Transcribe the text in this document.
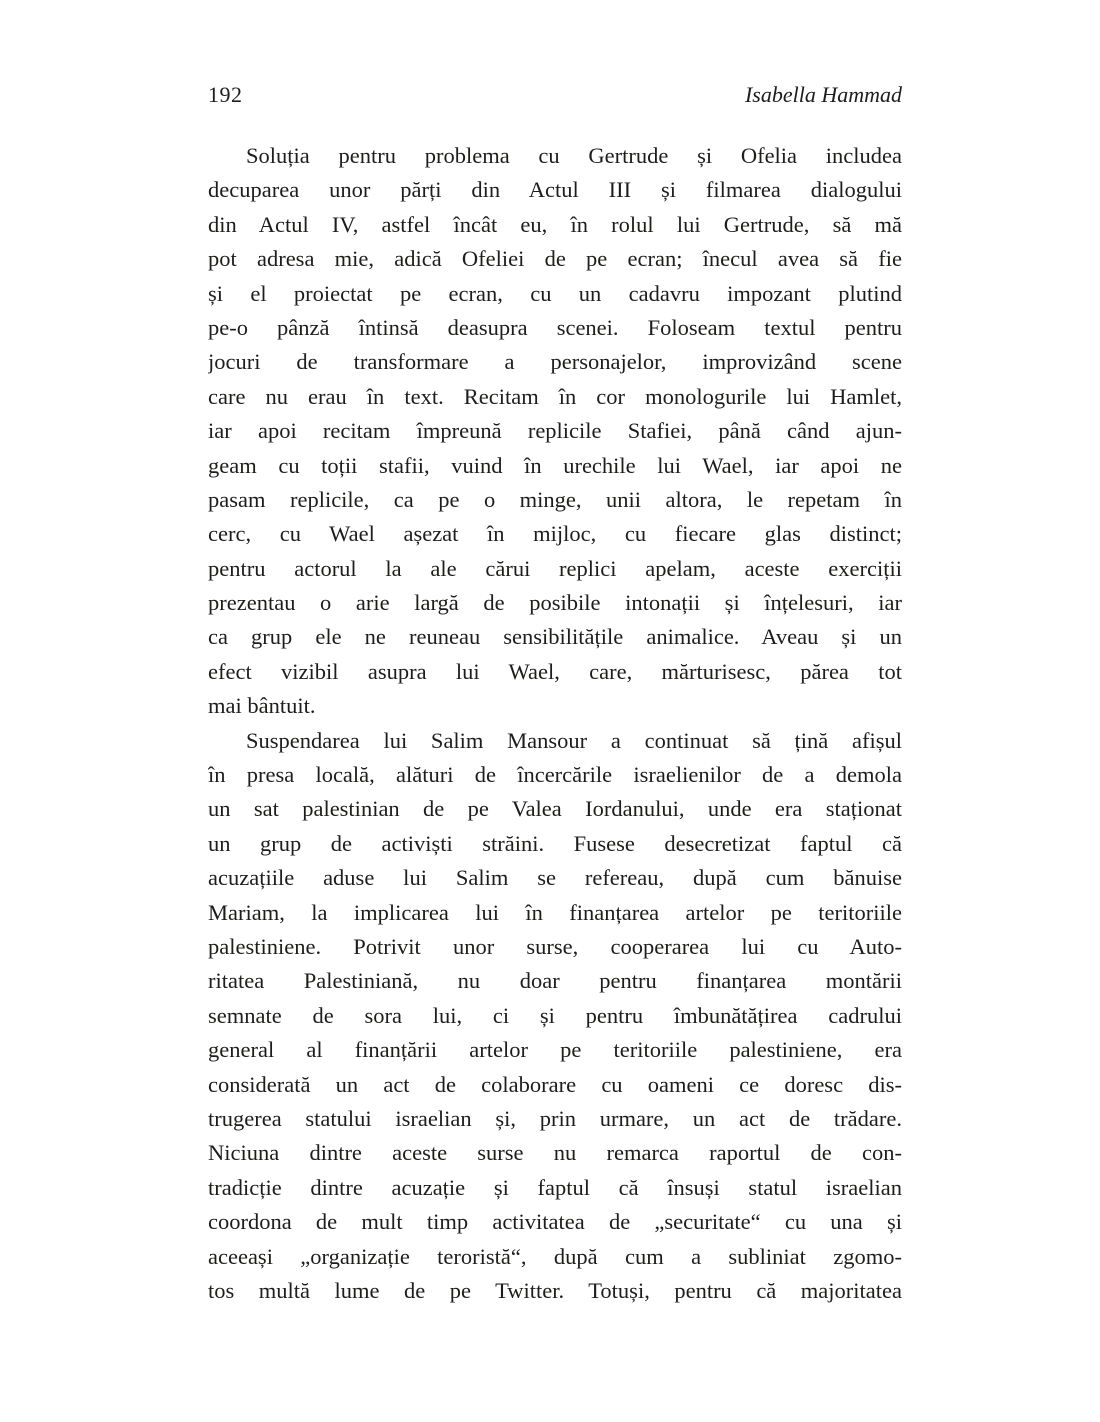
192	Isabella Hammad
Soluția pentru problema cu Gertrude și Ofelia includea
decuparea unor părți din Actul III și filmarea dialogului
din Actul IV, astfel încât eu, în rolul lui Gertrude, să mă
pot adresa mie, adică Ofeliei de pe ecran; înecul avea să fie
și el proiectat pe ecran, cu un cadavru impozant plutind
pe-o pânză întinsă deasupra scenei. Foloseam textul pentru
jocuri de transformare a personajelor, improvizând scene
care nu erau în text. Recitam în cor monologurile lui Hamlet,
iar apoi recitam împreună replicile Stafiei, până când ajun-
geam cu toții stafii, vuind în urechile lui Wael, iar apoi ne
pasam replicile, ca pe o minge, unii altora, le repetam în
cerc, cu Wael așezat în mijloc, cu fiecare glas distinct;
pentru actorul la ale cărui replici apelam, aceste exerciții
prezentau o arie largă de posibile intonații și înțelesuri, iar
ca grup ele ne reuneau sensibilitățile animalice. Aveau și un
efect vizibil asupra lui Wael, care, mărturisesc, părea tot
mai bântuit.
Suspendarea lui Salim Mansour a continuat să țină afișul
în presa locală, alături de încercările israelienilor de a demola
un sat palestinian de pe Valea Iordanului, unde era staționat
un grup de activiști străini. Fusese desecretizat faptul că
acuzațiile aduse lui Salim se refereau, după cum bănuise
Mariam, la implicarea lui în finanțarea artelor pe teritoriile
palestiniene. Potrivit unor surse, cooperarea lui cu Auto-
ritatea Palestiniană, nu doar pentru finanțarea montării
semnate de sora lui, ci și pentru îmbunătățirea cadrului
general al finanțării artelor pe teritoriile palestiniene, era
considerată un act de colaborare cu oameni ce doresc dis-
trugerea statului israelian și, prin urmare, un act de trădare.
Niciuna dintre aceste surse nu remarca raportul de con-
tradicție dintre acuzație și faptul că însuși statul israelian
coordona de mult timp activitatea de „securitate“ cu una și
aceeași „organizație teroristă“, după cum a subliniat zgomo-
tos multă lume de pe Twitter. Totuși, pentru că majoritatea
